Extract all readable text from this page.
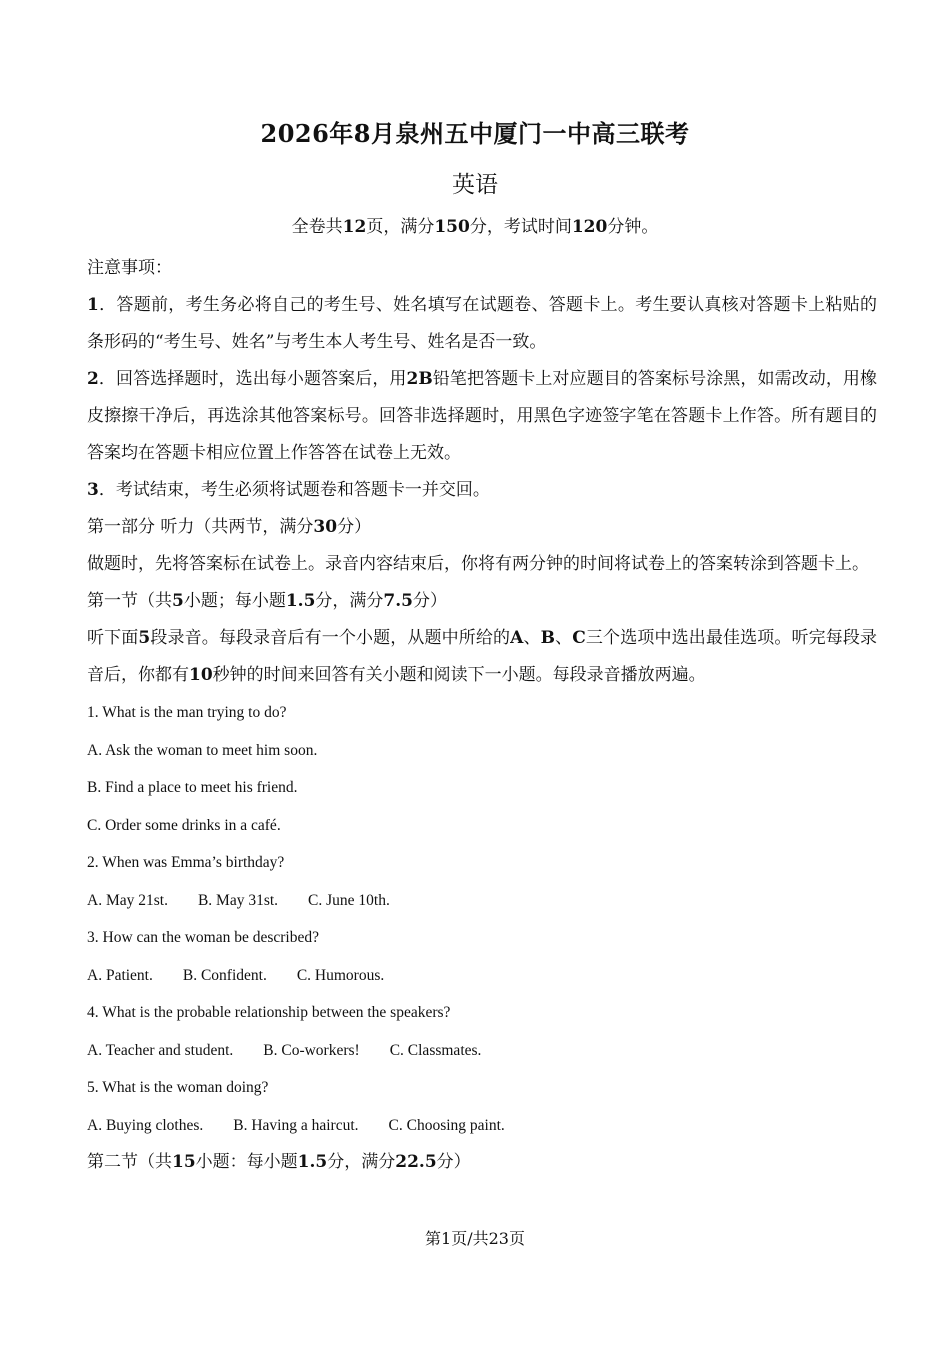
2026年8月泉州五中厦门一中高三联考
英语
全卷共12页，满分150分，考试时间120分钟。

注意事项：

1．答题前，考生务必将自己的考生号、姓名填写在试题卷、答题卡上。考生要认真核对答题卡上粘贴的条形码的“考生号、姓名”与考生本人考生号、姓名是否一致。

2．回答选择题时，选出每小题答案后，用2B铅笔把答题卡上对应题目的答案标号涂黑，如需改动，用橡皮擦擦干净后，再选涂其他答案标号。回答非选择题时，用黑色字迹签字笔在答题卡上作答。所有题目的答案均在答题卡相应位置上作答答在试卷上无效。

3．考试结束，考生必须将试题卷和答题卡一并交回。

第一部分 听力（共两节，满分30分）

做题时，先将答案标在试卷上。录音内容结束后，你将有两分钟的时间将试卷上的答案转涂到答题卡上。

第一节（共5小题；每小题1.5分，满分7.5分）

听下面5段录音。每段录音后有一个小题，从题中所给的A、B、C三个选项中选出最佳选项。听完每段录音后，你都有10秒钟的时间来回答有关小题和阅读下一小题。每段录音播放两遍。

1. What is the man trying to do?

A. Ask the woman to meet him soon.

B. Find a place to meet his friend.

C. Order some drinks in a café.

2. When was Emma’s birthday?

A. May 21st. B. May 31st. C. June 10th.

3. How can the woman be described?

A. Patient. B. Confident. C. Humorous.

4. What is the probable relationship between the speakers?

A. Teacher and student. B. Co-workers! C. Classmates.

5. What is the woman doing?

A. Buying clothes. B. Having a haircut. C. Choosing paint.

第二节（共15小题：每小题1.5分，满分22.5分）

第1页/共23页
